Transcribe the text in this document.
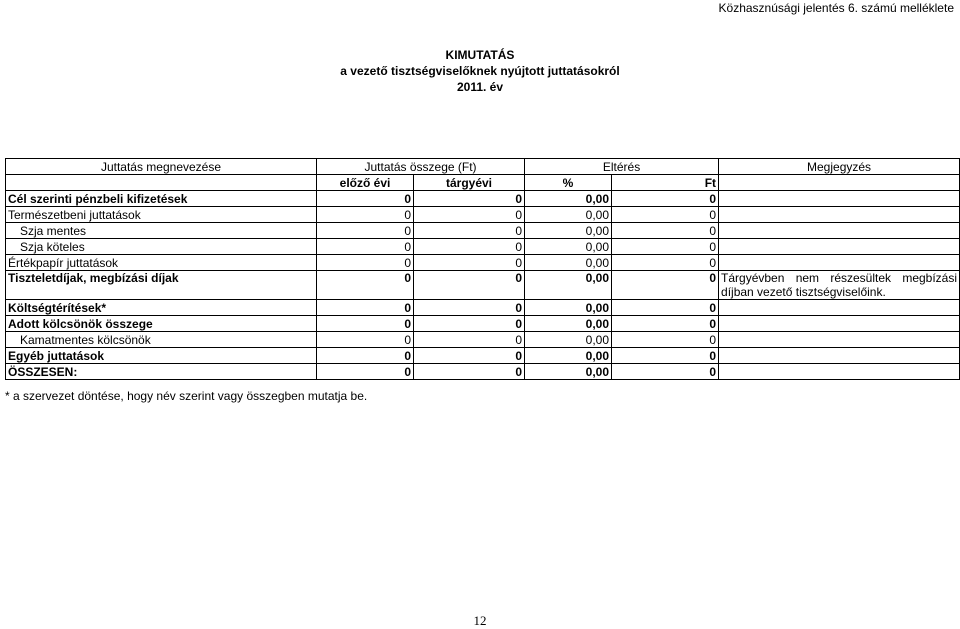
Közhasznúsági jelentés 6. számú melléklete
KIMUTATÁS
a vezető tisztségviselőknek nyújtott juttatásokról
2011. év
Juttatás megnevezése	Juttatás összege (Ft)		Eltérés		Megjegyzés
	előző évi	tárgyévi	%	Ft	
Cél szerinti pénzbeli kifizetések	0	0	0,00	0	
Természetbeni juttatások	0	0	0,00	0	
Szja mentes	0	0	0,00	0	
Szja köteles	0	0	0,00	0	
Értékpapír juttatások	0	0	0,00	0	
Tiszteletdíjak, megbízási díjak	0	0	0,00	0	Tárgyévben nem részesültek megbízási díjban vezető tisztségviselőink.
Költségtérítések*	0	0	0,00	0	
Adott kölcsönök összege	0	0	0,00	0	
Kamatmentes kölcsönök	0	0	0,00	0	
Egyéb juttatások	0	0	0,00	0	
ÖSSZESEN:	0	0	0,00	0	
* a szervezet döntése, hogy név szerint vagy összegben mutatja be.
12
